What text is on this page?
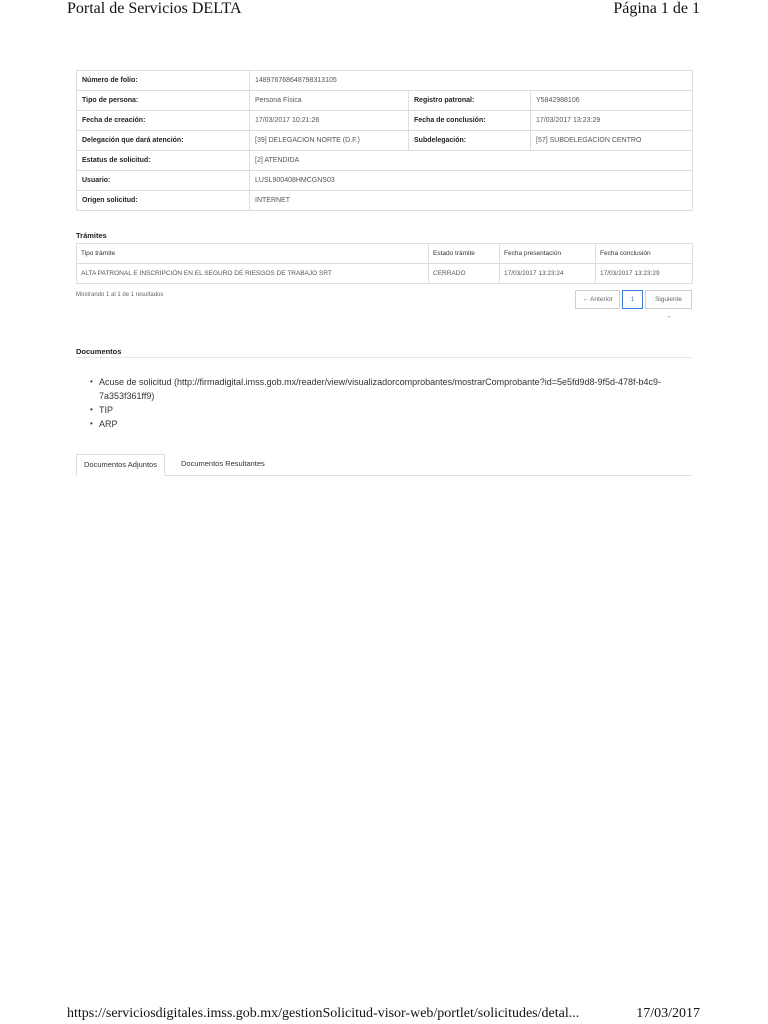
Portal de Servicios DELTA	Página 1 de 1
Número de folio:	148976768648798313105		
Tipo de persona:	Persona Física	Registro patronal:	Y5842988106
Fecha de creación:	17/03/2017 10:21:26	Fecha de conclusión:	17/03/2017 13:23:29
Delegación que dará atención:	[39] DELEGACION NORTE (D.F.)	Subdelegación:	[57] SUBDELEGACION CENTRO
Estatus de solicitud:	[2] ATENDIDA		
Usuario:	LUSL900408HMCGNS03		
Origen solicitud:	INTERNET		
Trámites
Tipo trámite	Estado trámite	Fecha presentación	Fecha conclusión
ALTA PATRONAL E INSCRIPCIÓN EN EL SEGURO DE RIESGOS DE TRABAJO SRT	CERRADO	17/03/2017 13:23:24	17/03/2017 13:23:29
Mostrando 1 al 1 de 1 resultados
← Anterior	1	Siguiente →
Documentos
• Acuse de solicitud (http://firmadigital.imss.gob.mx/reader/view/visualizadorcomprobantes/mostrarComprobante?id=5e5fd9d8-9f5d-478f-b4c9-7a353f361ff9)
• TIP
• ARP
Documentos Adjuntos	Documentos Resultantes
https://serviciosdigitales.imss.gob.mx/gestionSolicitud-visor-web/portlet/solicitudes/detal...	17/03/2017
